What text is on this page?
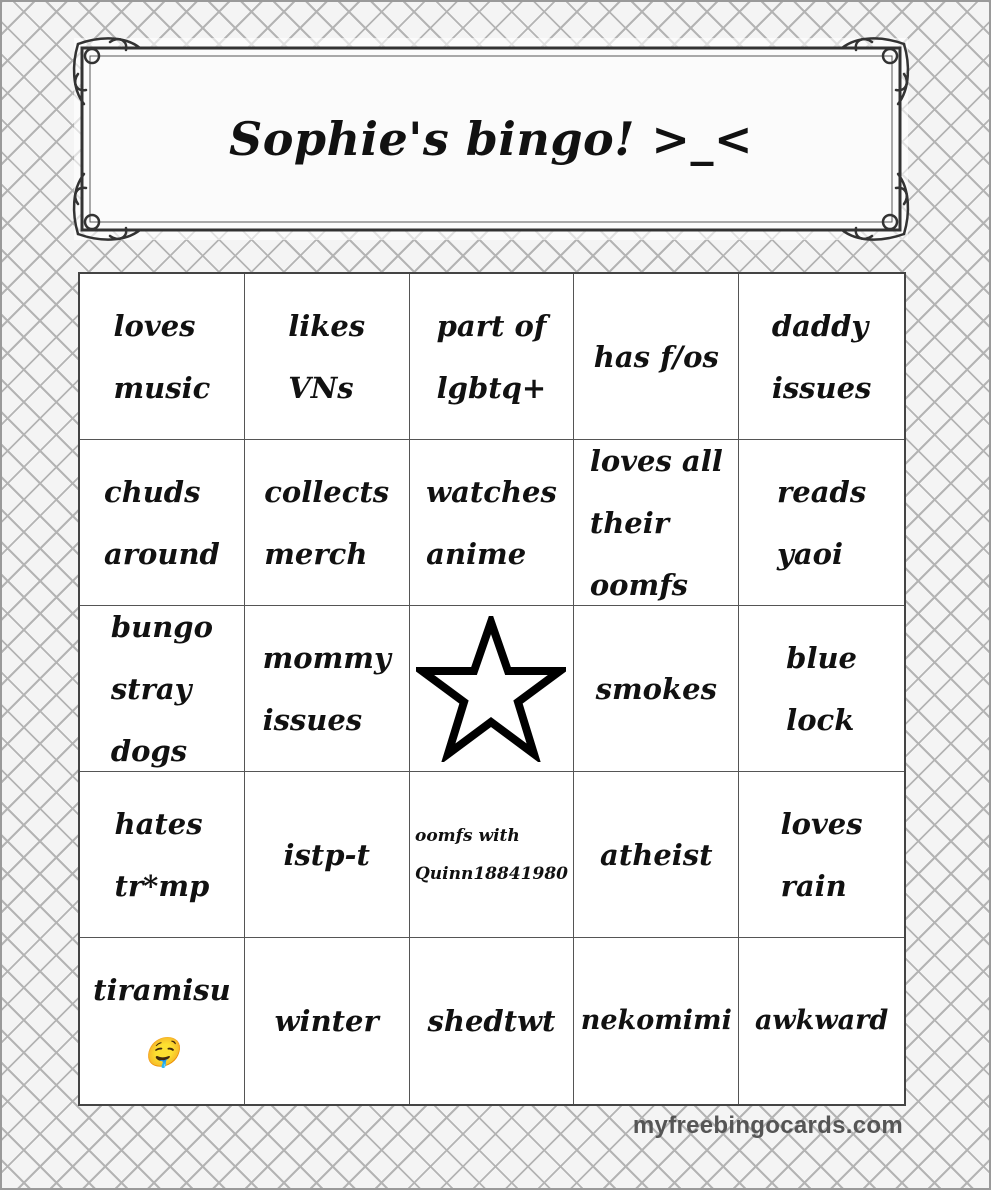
Sophie's bingo! >_<
loves
music
likes
VNs
part of
lgbtq+
has f/os
daddy
issues
chuds
around
collects
merch
watches
anime
loves all
their
oomfs
reads
yaoi
bungo
stray
dogs
mommy
issues
smokes
blue
lock
hates
tr*mp
istp-t
oomfs with
Quinn18841980
atheist
loves
rain
tiramisu
🤤
winter shedtwt nekomimi awkward
myfreebingocards.com
